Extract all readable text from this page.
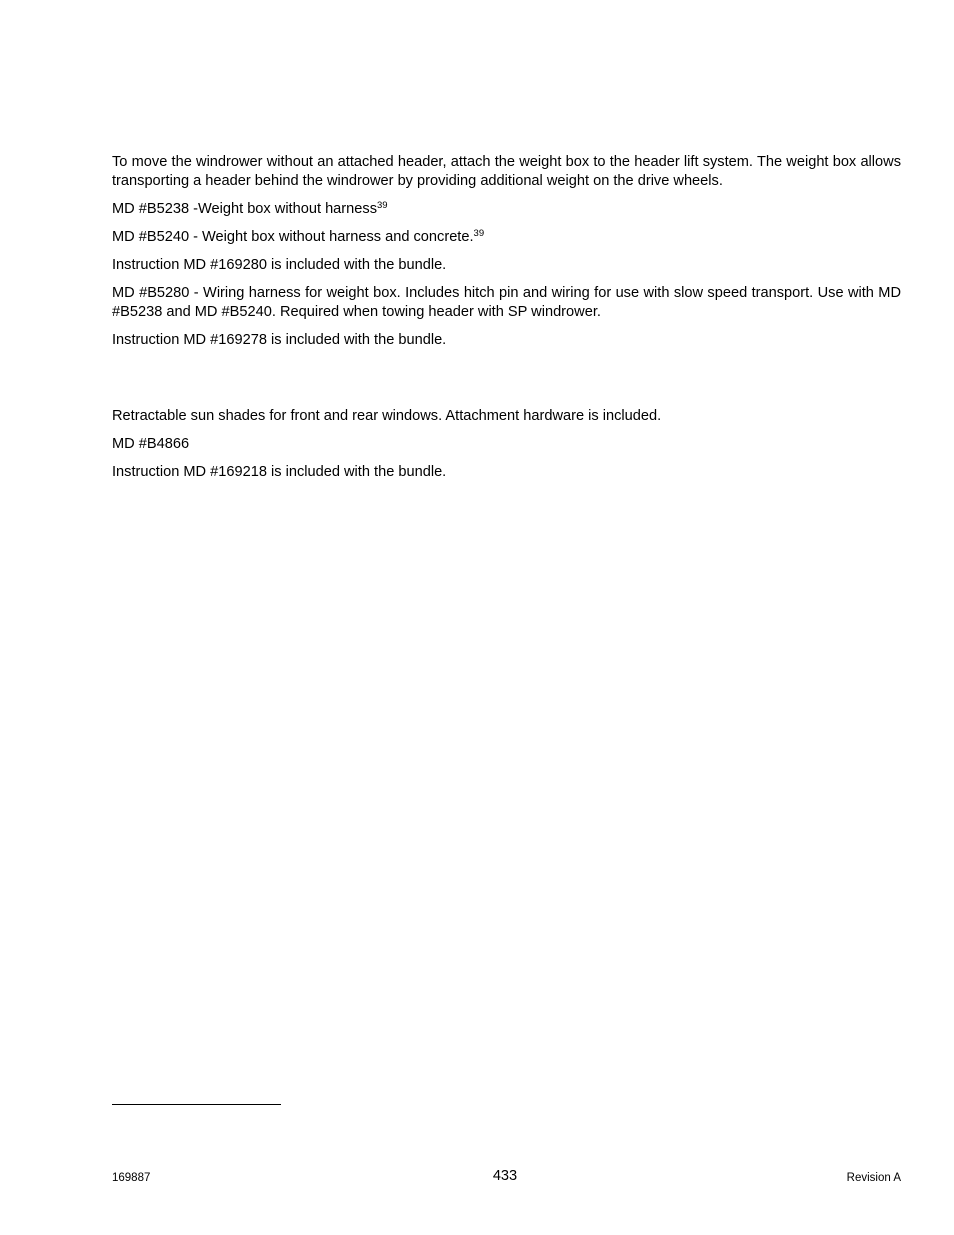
To move the windrower without an attached header, attach the weight box to the header lift system. The weight box allows transporting a header behind the windrower by providing additional weight on the drive wheels.

MD #B5238 -Weight box without harness$^{39}$

MD #B5240 - Weight box without harness and concrete.$^{39}$

Instruction MD #169280 is included with the bundle.

MD #B5280 - Wiring harness for weight box. Includes hitch pin and wiring for use with slow speed transport. Use with MD #B5238 and MD #B5240. Required when towing header with SP windrower.

Instruction MD #169278 is included with the bundle.

Retractable sun shades for front and rear windows. Attachment hardware is included.

MD #B4866

Instruction MD #169218 is included with the bundle.

169887	433	Revision A
